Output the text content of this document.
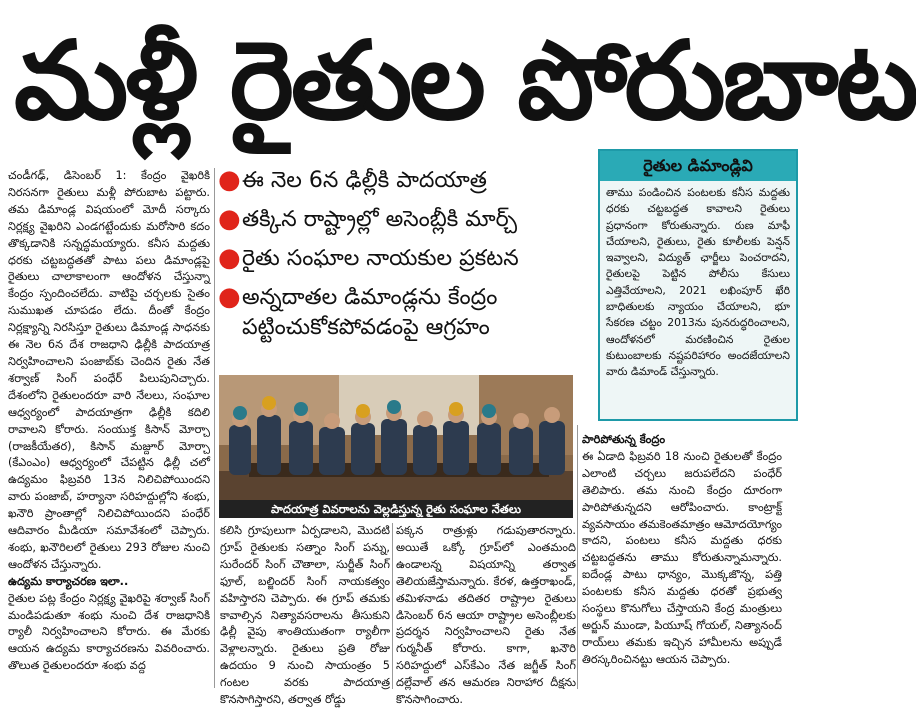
మళ్లీ రైతుల పోరుబాట

చండీగఢ్, డిసెంబర్ 1: కేంద్రం వైఖరికి నిరసనగా రైతులు మళ్లీ పోరుబాట పట్టారు. తమ డిమాండ్ల విషయంలో మోదీ సర్కారు నిర్లక్ష్య వైఖరిని ఎండగట్టేందుకు మరోసారి కదం తొక్కడానికి సన్నద్ధమయ్యారు. కనీస మద్దతు ధరకు చట్టబద్ధతతో పాటు పలు డిమాండ్లపై రైతులు చాలాకాలంగా ఆందోళన చేస్తున్నా కేంద్రం స్పందించలేదు. వాటిపై చర్చలకు సైతం సుముఖత చూపడం లేదు. దీంతో కేంద్రం నిర్లక్ష్యాన్ని నిరసిస్తూ రైతులు డిమాండ్ల సాధనకు ఈ నెల 6న దేశ రాజధాని ఢిల్లీకి పాదయాత్ర నిర్వహించాలని పంజాబ్‌కు చెందిన రైతు నేత శర్వాణ్ సింగ్ పంధేర్ పిలుపునిచ్చారు. దేశంలోని రైతులందరూ వారి నేలలు, సంఘాల ఆధ్వర్యంలో పాదయాత్రగా ఢిల్లీకి కదిలి రావాలని కోరారు. సంయుక్త కిసాన్ మోర్చా (రాజకీయేతర), కిసాన్ మజ్దూర్ మోర్చా (కేఎంఎం) ఆధ్వర్యంలో చేపట్టిన ఢిల్లీ చలో ఉద్యమం ఫిబ్రవరి 13న నిలిచిపోయిందని వారు పంజాబ్, హర్యానా సరిహద్దుల్లోని శంభు, ఖనౌరి ప్రాంతాల్లో నిలిచిపోయిందని పంధేర్ ఆదివారం మీడియా సమావేశంలో చెప్పారు. శంభు, ఖనౌరిలలో రైతులు 293 రోజుల నుంచి ఆందోళన చేస్తున్నారు.

ఉద్యమ కార్యాచరణ ఇలా..

రైతుల పట్ల కేంద్రం నిర్లక్ష్య వైఖరిపై శర్వాణ్ సింగ్ మండిపడుతూ శంభు నుంచి దేశ రాజధానికి ర్యాలీ నిర్వహించాలని కోరారు. ఈ మేరకు ఆయన ఉద్యమ కార్యాచరణను వివరించారు. తొలుత రైతులందరూ శంభు వద్ద

● ఈ నెల 6న ఢిల్లీకి పాదయాత్ర
● తక్కిన రాష్ట్రాల్లో అసెంబ్లీకి మార్చ్
● రైతు సంఘాల నాయకుల ప్రకటన
● అన్నదాతల డిమాండ్లను కేంద్రం పట్టించుకోకపోవడంపై ఆగ్రహం
రైతుల డిమాండ్లివి
తాము పండించిన పంటలకు కనీస మద్దతు ధరకు చట్టబద్ధత కావాలని రైతులు ప్రధానంగా కోరుతున్నారు. రుణ మాఫీ చేయాలని, రైతులు, రైతు కూలీలకు పెన్షన్ ఇవ్వాలని, విద్యుత్ ఛార్జీలు పెంచరాదని, రైతులపై పెట్టిన పోలీసు కేసులు ఎత్తివేయాలని, 2021 లఖింపూర్ ఖేరి బాధితులకు న్యాయం చేయాలని, భూ సేకరణ చట్టం 2013ను పునరుద్ధరించాలని, ఆందోళనలో మరణించిన రైతుల కుటుంబాలకు నష్టపరిహారం అందజేయాలని వారు డిమాండ్ చేస్తున్నారు.
పాదయాత్ర వివరాలను వెల్లడిస్తున్న రైతు సంఘాల నేతలు

కలిసి గ్రూపులుగా ఏర్పడాలని, మొదటి గ్రూప్ రైతులకు సత్నాం సింగ్ పన్ను, సురేందర్ సింగ్ చౌతాలా, సుర్జీత్ సింగ్ ఫూల్, బల్జిందర్ సింగ్ నాయకత్వం వహిస్తారని చెప్పారు. ఈ గ్రూప్ తమకు కావాల్సిన నిత్యావసరాలను తీసుకుని ఢిల్లీ వైపు శాంతియుతంగా ర్యాలీగా వెళ్లాలన్నారు. రైతులు ప్రతి రోజు ఉదయం 9 నుంచి సాయంత్రం 5 గంటల వరకు పాదయాత్ర కొనసాగిస్తారని, తర్వాత రోడ్డు

పక్కన రాత్రుళ్లు గడుపుతారన్నారు. అయితే ఒక్కో గ్రూప్‌లో ఎంతమంది ఉండాలన్న విషయాన్ని తర్వాత తెలియజేస్తామన్నారు. కేరళ, ఉత్తరాఖండ్, తమిళనాడు తదితర రాష్ట్రాల రైతులు డిసెంబర్ 6న ఆయా రాష్ట్రాల అసెంబ్లీలకు ప్రదర్శన నిర్వహించాలని రైతు నేత గుర్మనీత్ కోరారు. కాగా, ఖనౌరి సరిహద్దులో ఎస్‌కేఎం నేత జగ్జీత్ సింగ్ దల్లేవాల్ తన ఆమరణ నిరాహార దీక్షను కొనసాగించారు.

పారిపోతున్న కేంద్రం

ఈ ఏడాది ఫిబ్రవరి 18 నుంచి రైతులతో కేంద్రం ఎలాంటి చర్చలు జరుపలేదని పంధేర్ తెలిపారు. తమ నుంచి కేంద్రం దూరంగా పారిపోతున్నదని ఆరోపించారు. కాంట్రాక్ట్ వ్యవసాయం తమకెంతమాత్రం ఆమోదయోగ్యం కాదని, పంటలు కనీస మద్దతు ధరకు చట్టబద్ధతను తాము కోరుతున్నామన్నారు. ఐదేండ్ల పాటు ధాన్యం, మొక్కజొన్న, పత్తి పంటలకు కనీస మద్దతు ధరతో ప్రభుత్వ సంస్థలు కొనుగోలు చేస్తాయని కేంద్ర మంత్రులు అర్జున్ ముండా, పియూష్ గోయల్, నిత్యానంద్ రాయ్‌లు తమకు ఇచ్చిన హామీలను అప్పుడే తిరస్కరించినట్టు ఆయన చెప్పారు.
